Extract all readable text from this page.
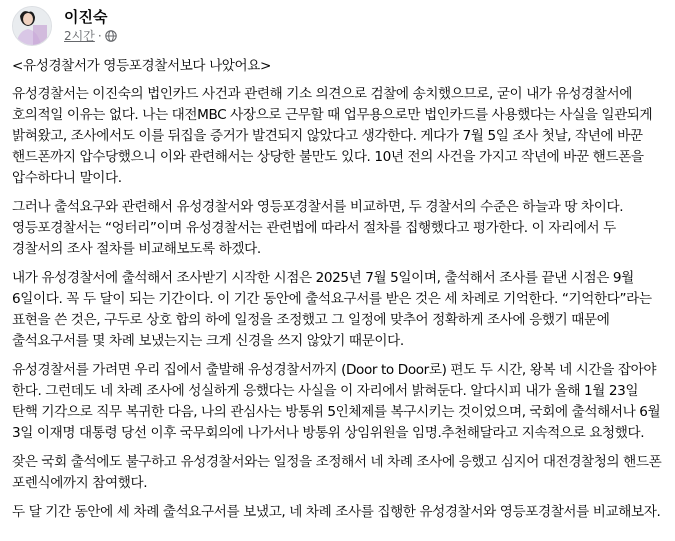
이진숙
2시간 ·

<유성경찰서가 영등포경찰서보다 나았어요>

유성경찰서는 이진숙의 법인카드 사건과 관련해 기소 의견으로 검찰에 송치했으므로, 굳이 내가 유성경찰서에 호의적일 이유는 없다. 나는 대전MBC 사장으로 근무할 때 업무용으로만 법인카드를 사용했다는 사실을 일관되게 밝혀왔고, 조사에서도 이를 뒤집을 증거가 발견되지 않았다고 생각한다. 게다가 7월 5일 조사 첫날, 작년에 바꾼 핸드폰까지 압수당했으니 이와 관련해서는 상당한 불만도 있다. 10년 전의 사건을 가지고 작년에 바꾼 핸드폰을 압수하다니 말이다.

그러나 출석요구와 관련해서 유성경찰서와 영등포경찰서를 비교하면, 두 경찰서의 수준은 하늘과 땅 차이다. 영등포경찰서는 “엉터리”이며 유성경찰서는 관련법에 따라서 절차를 집행했다고 평가한다. 이 자리에서 두 경찰서의 조사 절차를 비교해보도록 하겠다.

내가 유성경찰서에 출석해서 조사받기 시작한 시점은 2025년 7월 5일이며, 출석해서 조사를 끝낸 시점은 9월 6일이다. 꼭 두 달이 되는 기간이다. 이 기간 동안에 출석요구서를 받은 것은 세 차례로 기억한다. “기억한다”라는 표현을 쓴 것은, 구두로 상호 합의 하에 일정을 조정했고 그 일정에 맞추어 정확하게 조사에 응했기 때문에 출석요구서를 몇 차례 보냈는지는 크게 신경을 쓰지 않았기 때문이다.

유성경찰서를 가려면 우리 집에서 출발해 유성경찰서까지 (Door to Door로) 편도 두 시간, 왕복 네 시간을 잡아야 한다. 그런데도 네 차례 조사에 성실하게 응했다는 사실을 이 자리에서 밝혀둔다. 알다시피 내가 올해 1월 23일 탄핵 기각으로 직무 복귀한 다음, 나의 관심사는 방통위 5인체제를 복구시키는 것이었으며, 국회에 출석해서나 6월 3일 이재명 대통령 당선 이후 국무회의에 나가서나 방통위 상임위원을 임명.추천해달라고 지속적으로 요청했다.

잦은 국회 출석에도 불구하고 유성경찰서와는 일정을 조정해서 네 차례 조사에 응했고 심지어 대전경찰청의 핸드폰 포렌식에까지 참여했다.

두 달 기간 동안에 세 차례 출석요구서를 보냈고, 네 차례 조사를 집행한 유성경찰서와 영등포경찰서를 비교해보자.
